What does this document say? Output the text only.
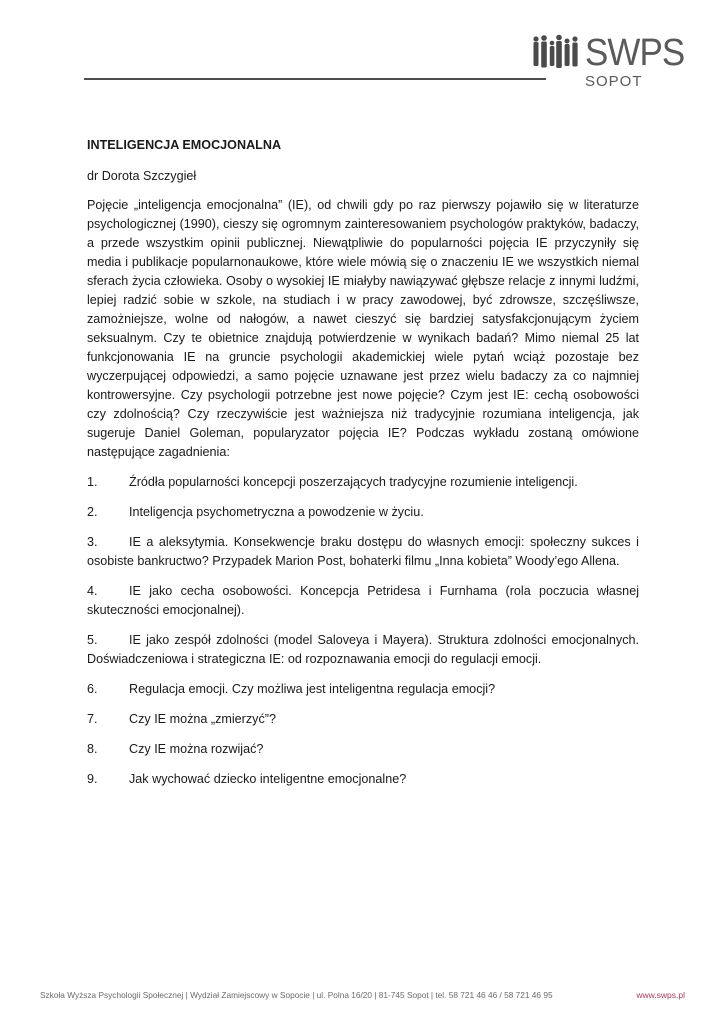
SWPS
SOPOT

INTELIGENCJA EMOCJONALNA

dr Dorota Szczygieł

Pojęcie „inteligencja emocjonalna” (IE), od chwili gdy po raz pierwszy pojawiło się w literaturze psychologicznej (1990), cieszy się ogromnym zainteresowaniem psychologów praktyków, badaczy, a przede wszystkim opinii publicznej. Niewątpliwie do popularności pojęcia IE przyczyniły się media i publikacje popularnonaukowe, które wiele mówią się o znaczeniu IE we wszystkich niemal sferach życia człowieka. Osoby o wysokiej IE miałyby nawiązywać głębsze relacje z innymi ludźmi, lepiej radzić sobie w szkole, na studiach i w pracy zawodowej, być zdrowsze, szczęśliwsze, zamożniejsze, wolne od nałogów, a nawet cieszyć się bardziej satysfakcjonującym życiem seksualnym. Czy te obietnice znajdują potwierdzenie w wynikach badań? Mimo niemal 25 lat funkcjonowania IE na gruncie psychologii akademickiej wiele pytań wciąż pozostaje bez wyczerpującej odpowiedzi, a samo pojęcie uznawane jest przez wielu badaczy za co najmniej kontrowersyjne. Czy psychologii potrzebne jest nowe pojęcie? Czym jest IE: cechą osobowości czy zdolnością? Czy rzeczywiście jest ważniejsza niż tradycyjnie rozumiana inteligencja, jak sugeruje Daniel Goleman, popularyzator pojęcia IE? Podczas wykładu zostaną omówione następujące zagadnienia:

1. Źródła popularności koncepcji poszerzających tradycyjne rozumienie inteligencji.
2. Inteligencja psychometryczna a powodzenie w życiu.
3. IE a aleksytymia. Konsekwencje braku dostępu do własnych emocji: społeczny sukces i osobiste bankructwo? Przypadek Marion Post, bohaterki filmu „Inna kobieta” Woody’ego Allena.
4. IE jako cecha osobowości. Koncepcja Petridesa i Furnhama (rola poczucia własnej skuteczności emocjonalnej).
5. IE jako zespół zdolności (model Saloveya i Mayera). Struktura zdolności emocjonalnych. Doświadczeniowa i strategiczna IE: od rozpoznawania emocji do regulacji emocji.
6. Regulacja emocji. Czy możliwa jest inteligentna regulacja emocji?
7. Czy IE można „zmierzyć”?
8. Czy IE można rozwijać?
9. Jak wychować dziecko inteligentne emocjonalne?
Szkoła Wyższa Psychologii Społecznej | Wydział Zamiejscowy w Sopocie | ul. Polna 16/20 | 81-745 Sopot | tel. 58 721 46 46 / 58 721 46 95	www.swps.pl
